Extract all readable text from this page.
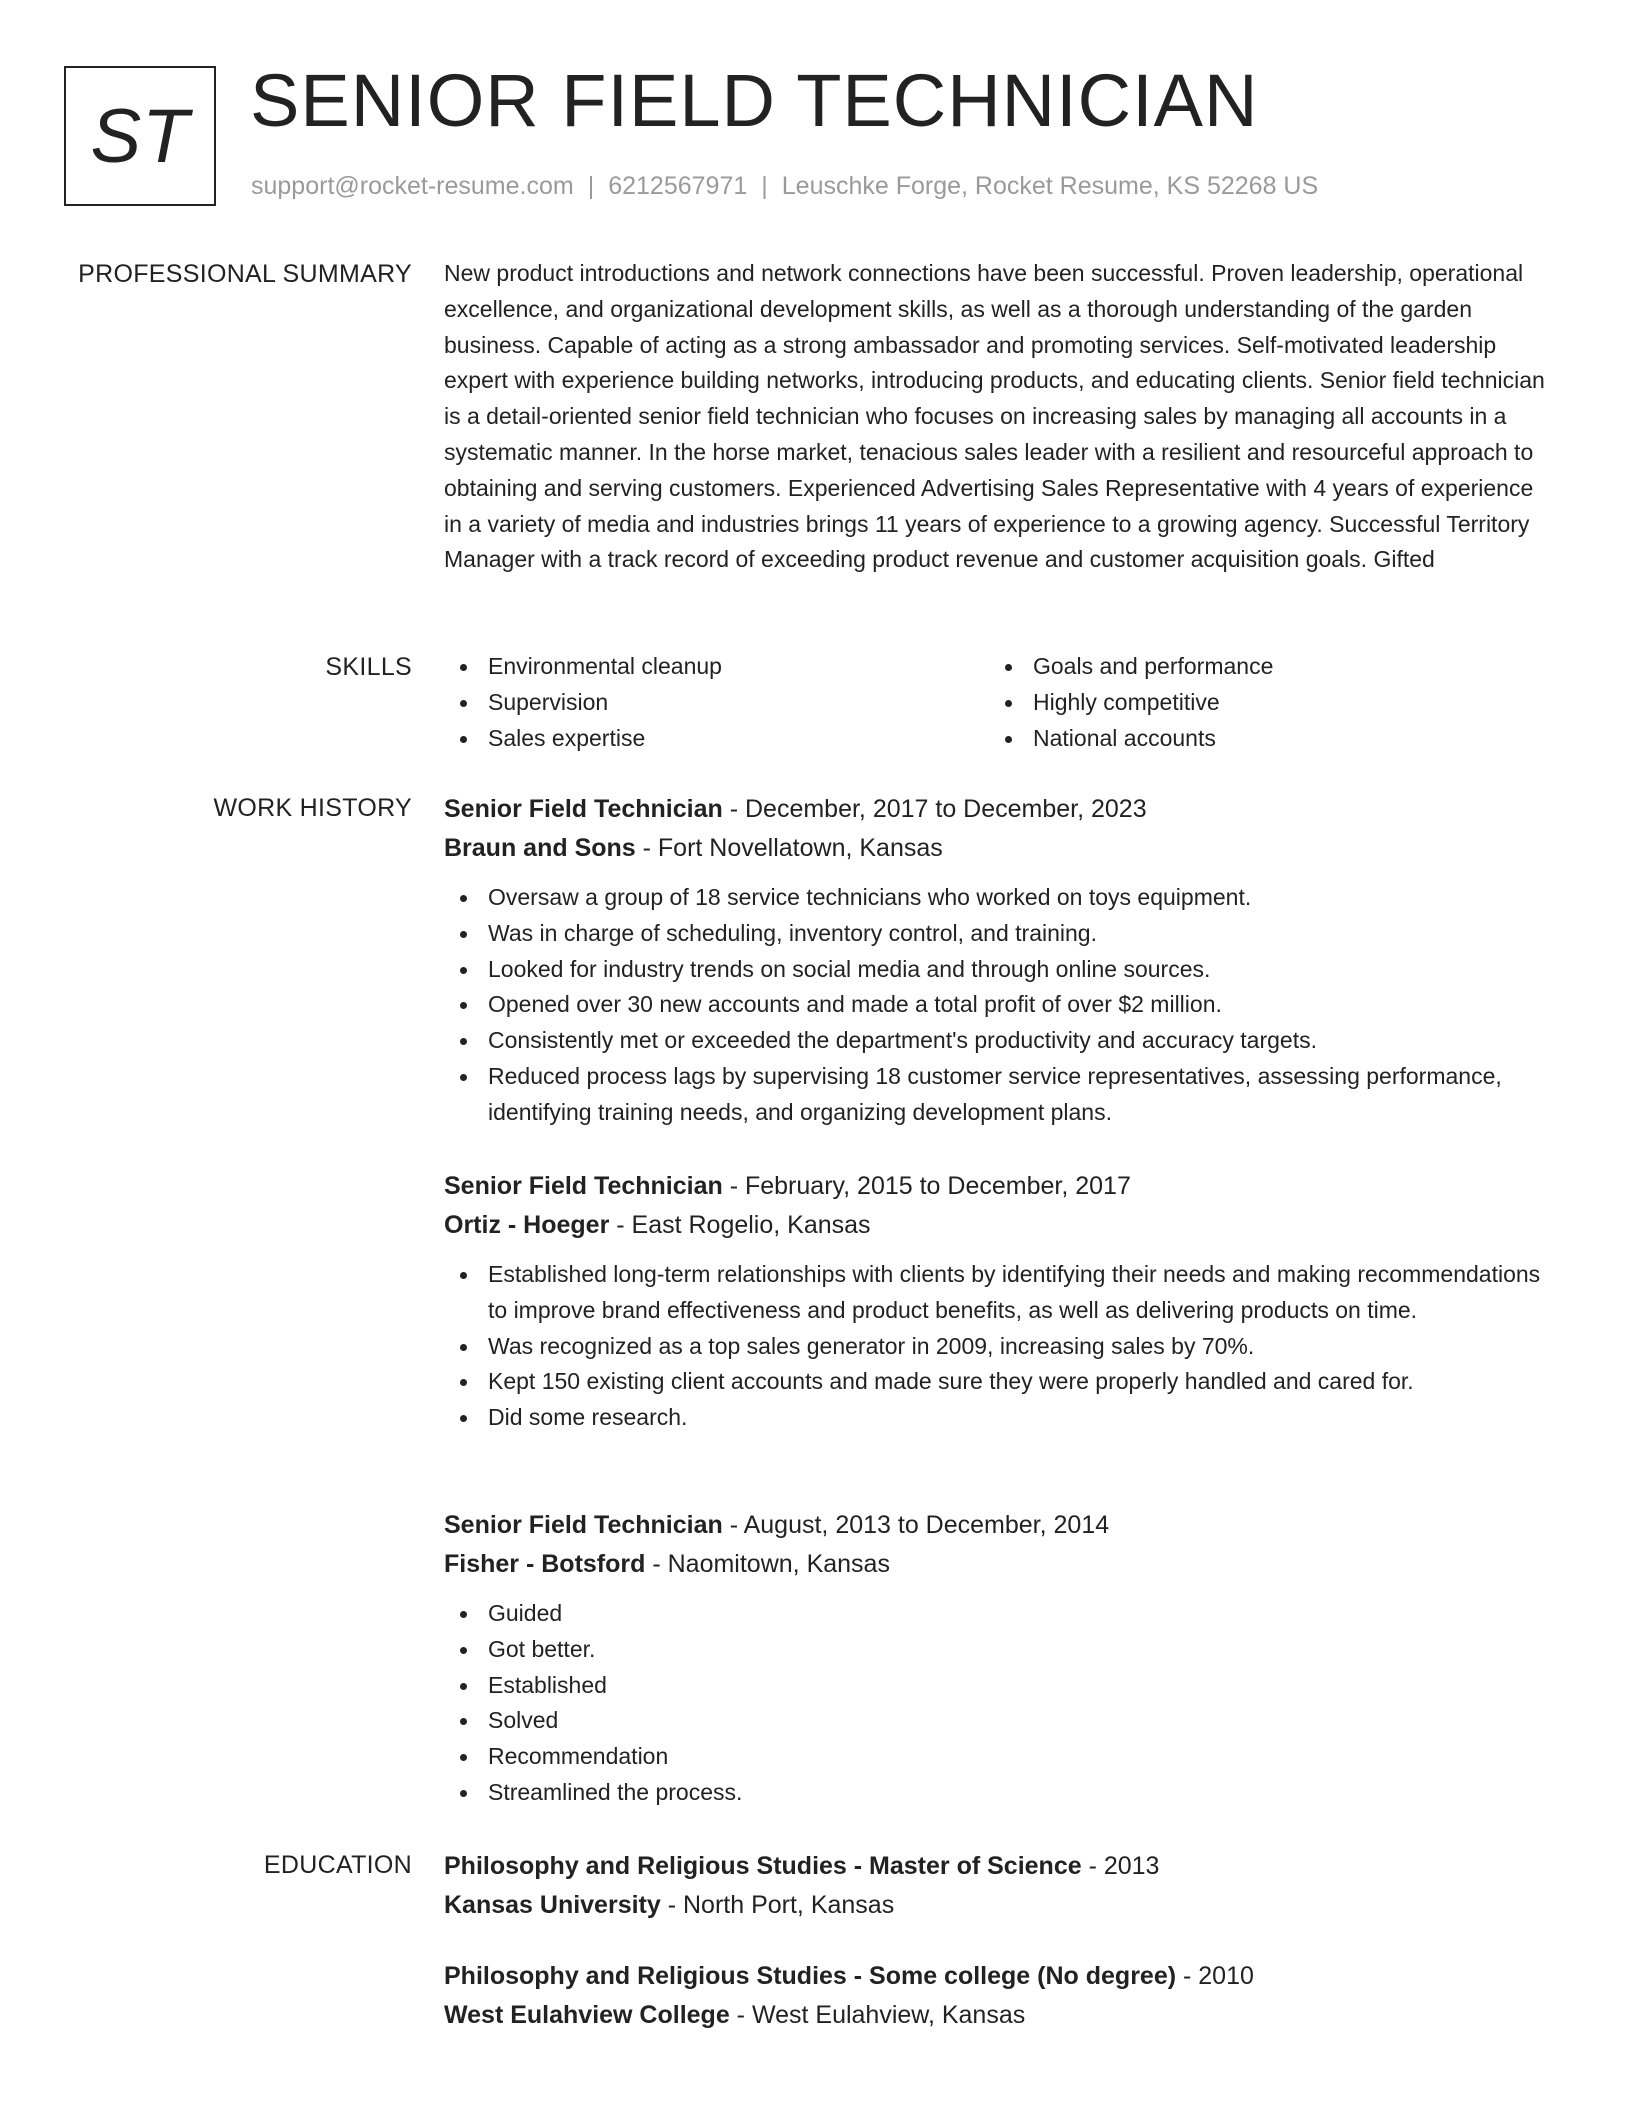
ST SENIOR FIELD TECHNICIAN
support@rocket-resume.com | 6212567971 | Leuschke Forge, Rocket Resume, KS 52268 US
PROFESSIONAL SUMMARY New product introductions and network connections have been successful. Proven leadership, operational excellence, and organizational development skills, as well as a thorough understanding of the garden business. Capable of acting as a strong ambassador and promoting services. Self-motivated leadership expert with experience building networks, introducing products, and educating clients. Senior field technician is a detail-oriented senior field technician who focuses on increasing sales by managing all accounts in a systematic manner. In the horse market, tenacious sales leader with a resilient and resourceful approach to obtaining and serving customers. Experienced Advertising Sales Representative with 4 years of experience in a variety of media and industries brings 11 years of experience to a growing agency. Successful Territory Manager with a track record of exceeding product revenue and customer acquisition goals. Gifted

SKILLS	Environmental cleanup
Supervision
Sales expertise
Goals and performance
Highly competitive
National accounts
WORK HISTORY Senior Field Technician - December, 2017 to December, 2023
Braun and Sons - Fort Novellatown, Kansas
Oversaw a group of 18 service technicians who worked on toys equipment.
Was in charge of scheduling, inventory control, and training.
Looked for industry trends on social media and through online sources.
Opened over 30 new accounts and made a total profit of over $2 million.
Consistently met or exceeded the department's productivity and accuracy targets.
Reduced process lags by supervising 18 customer service representatives, assessing performance, identifying training needs, and organizing development plans.
Senior Field Technician - February, 2015 to December, 2017
Ortiz - Hoeger - East Rogelio, Kansas
Established long-term relationships with clients by identifying their needs and making recommendations to improve brand effectiveness and product benefits, as well as delivering products on time.
Was recognized as a top sales generator in 2009, increasing sales by 70%.
Kept 150 existing client accounts and made sure they were properly handled and cared for.
Did some research.
Senior Field Technician - August, 2013 to December, 2014
Fisher - Botsford - Naomitown, Kansas
Guided
Got better.
Established
Solved
Recommendation
Streamlined the process.
EDUCATION Philosophy and Religious Studies - Master of Science - 2013
Kansas University - North Port, Kansas
Philosophy and Religious Studies - Some college (No degree) - 2010
West Eulahview College - West Eulahview, Kansas
